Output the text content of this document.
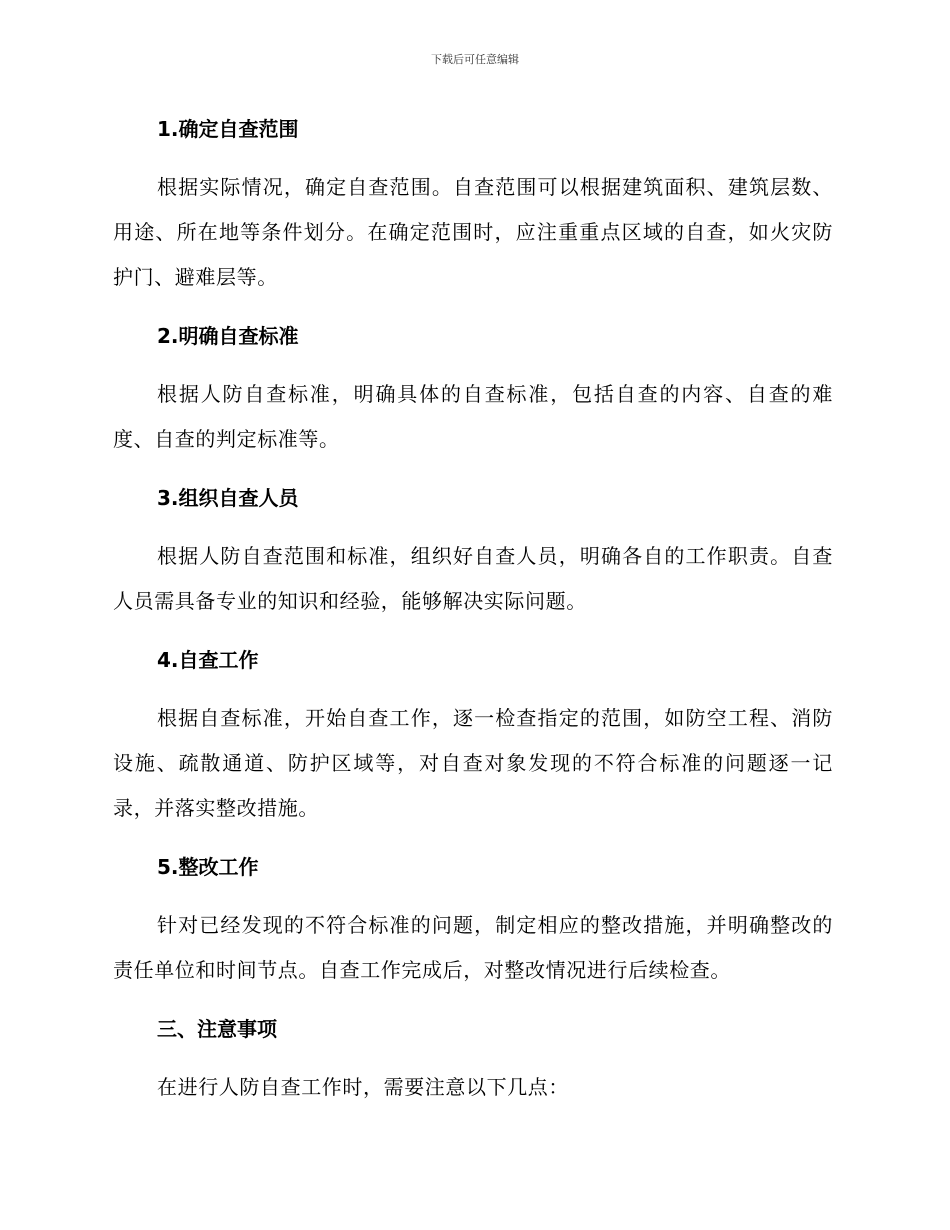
下载后可任意编辑
1.确定自查范围

根据实际情况，确定自查范围。自查范围可以根据建筑面积、建筑层数、用途、所在地等条件划分。在确定范围时，应注重重点区域的自查，如火灾防护门、避难层等。

2.明确自查标准

根据人防自查标准，明确具体的自查标准，包括自查的内容、自查的难度、自查的判定标准等。

3.组织自查人员

根据人防自查范围和标准，组织好自查人员，明确各自的工作职责。自查人员需具备专业的知识和经验，能够解决实际问题。

4.自查工作

根据自查标准，开始自查工作，逐一检查指定的范围，如防空工程、消防设施、疏散通道、防护区域等，对自查对象发现的不符合标准的问题逐一记录，并落实整改措施。

5.整改工作

针对已经发现的不符合标准的问题，制定相应的整改措施，并明确整改的责任单位和时间节点。自查工作完成后，对整改情况进行后续检查。

三、注意事项

在进行人防自查工作时，需要注意以下几点：
